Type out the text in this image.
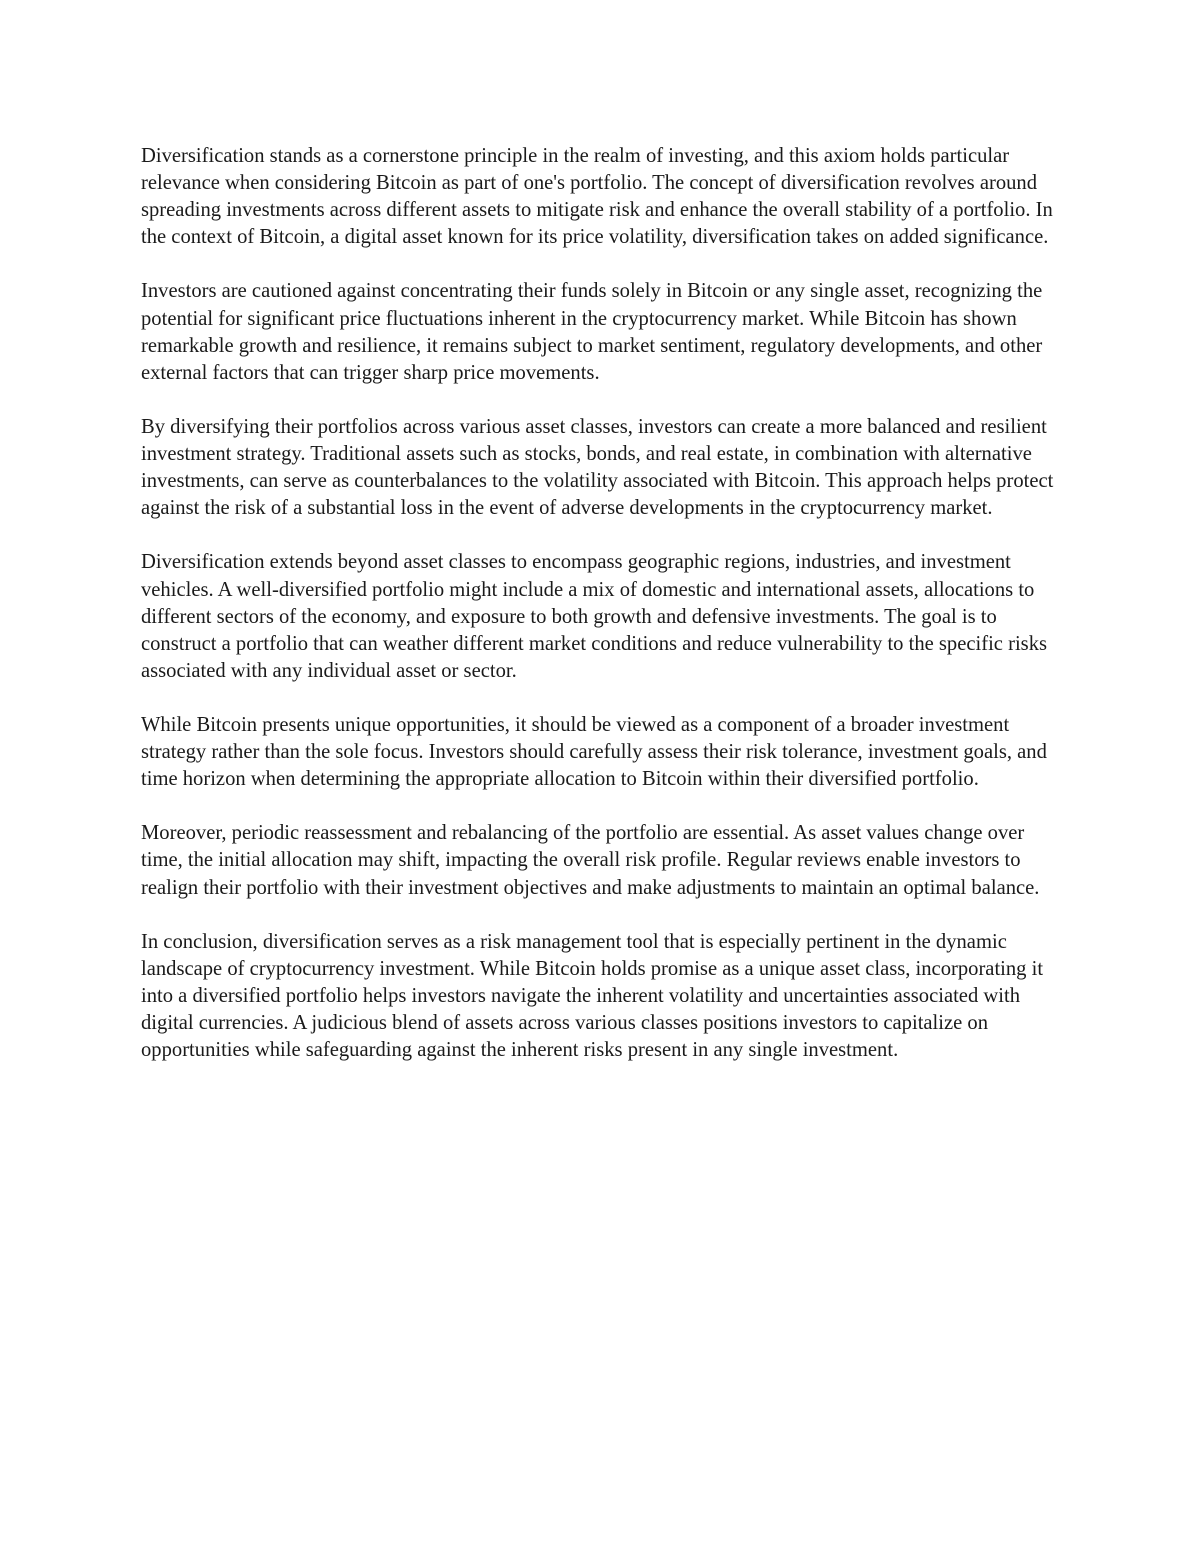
Diversification stands as a cornerstone principle in the realm of investing, and this axiom holds particular relevance when considering Bitcoin as part of one's portfolio. The concept of diversification revolves around spreading investments across different assets to mitigate risk and enhance the overall stability of a portfolio. In the context of Bitcoin, a digital asset known for its price volatility, diversification takes on added significance.

Investors are cautioned against concentrating their funds solely in Bitcoin or any single asset, recognizing the potential for significant price fluctuations inherent in the cryptocurrency market. While Bitcoin has shown remarkable growth and resilience, it remains subject to market sentiment, regulatory developments, and other external factors that can trigger sharp price movements.

By diversifying their portfolios across various asset classes, investors can create a more balanced and resilient investment strategy. Traditional assets such as stocks, bonds, and real estate, in combination with alternative investments, can serve as counterbalances to the volatility associated with Bitcoin. This approach helps protect against the risk of a substantial loss in the event of adverse developments in the cryptocurrency market.

Diversification extends beyond asset classes to encompass geographic regions, industries, and investment vehicles. A well-diversified portfolio might include a mix of domestic and international assets, allocations to different sectors of the economy, and exposure to both growth and defensive investments. The goal is to construct a portfolio that can weather different market conditions and reduce vulnerability to the specific risks associated with any individual asset or sector.

While Bitcoin presents unique opportunities, it should be viewed as a component of a broader investment strategy rather than the sole focus. Investors should carefully assess their risk tolerance, investment goals, and time horizon when determining the appropriate allocation to Bitcoin within their diversified portfolio.

Moreover, periodic reassessment and rebalancing of the portfolio are essential. As asset values change over time, the initial allocation may shift, impacting the overall risk profile. Regular reviews enable investors to realign their portfolio with their investment objectives and make adjustments to maintain an optimal balance.

In conclusion, diversification serves as a risk management tool that is especially pertinent in the dynamic landscape of cryptocurrency investment. While Bitcoin holds promise as a unique asset class, incorporating it into a diversified portfolio helps investors navigate the inherent volatility and uncertainties associated with digital currencies. A judicious blend of assets across various classes positions investors to capitalize on opportunities while safeguarding against the inherent risks present in any single investment.
